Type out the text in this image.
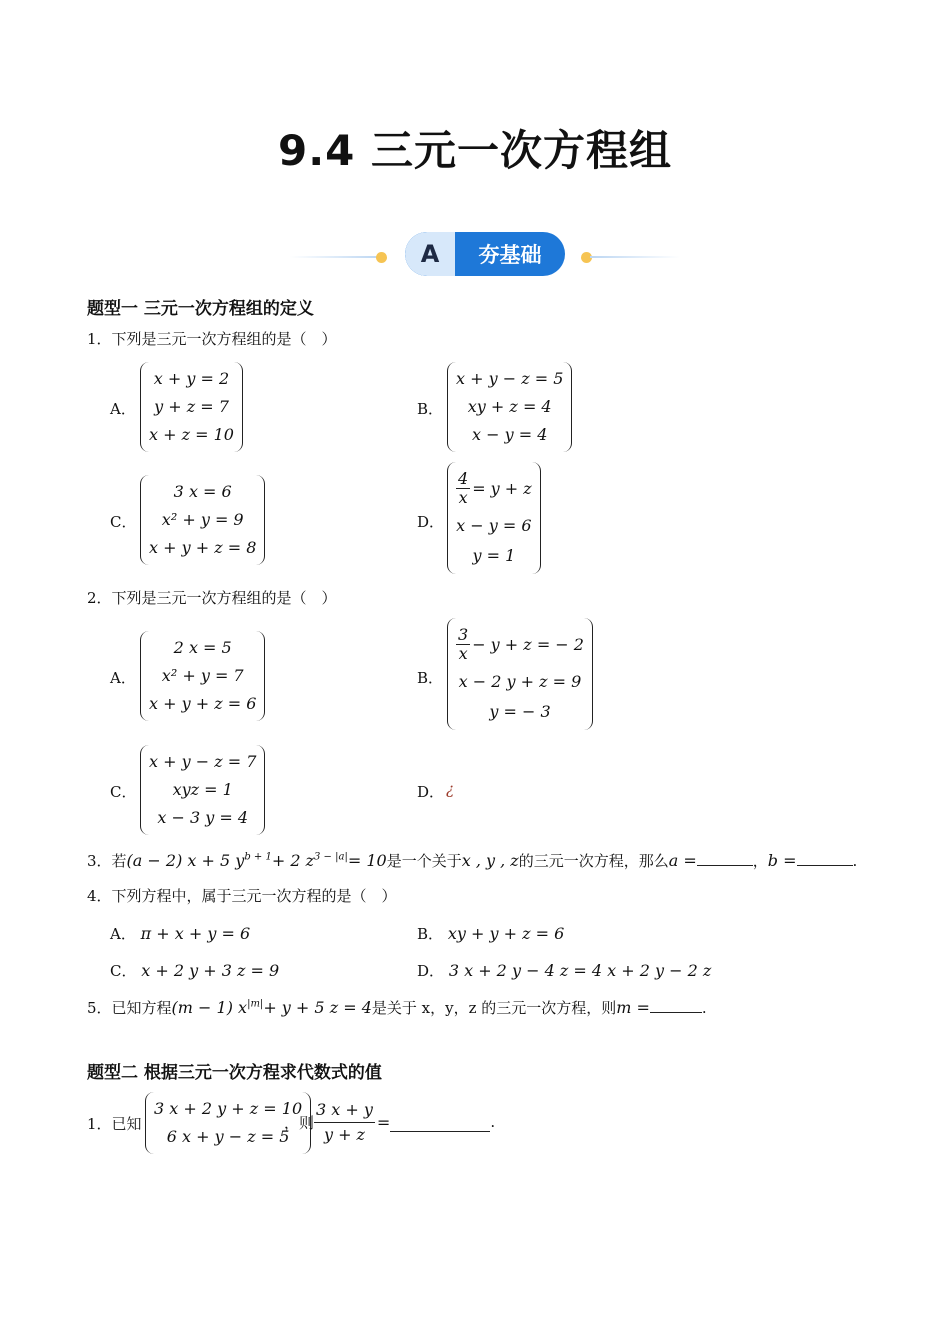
9.4 三元一次方程组
A	夯基础
题型一 三元一次方程组的定义
1．下列是三元一次方程组的是（　）
A．
x + y = 2
y + z = 7
x + z = 10
B．
x + y − z = 5
xy + z = 4
x − y = 4
C．
3 x = 6
x² + y = 9
x + y + z = 8
D．
$\frac{4}{x} = y + z$
x − y = 6
y = 1
2．下列是三元一次方程组的是（　）
A．
2 x = 5
x² + y = 7
x + y + z = 6
B．
$\frac{3}{x} - y + z$ = − 2
x − 2 y + z = 9
y = − 3
C．
x + y − z = 7
xyz = 1
x − 3 y = 4
D． ¿
3．若(a − 2) x + 5 $y^{b + 1}+ 2$ $z^{3 - |a|}= 10$是一个关于x , y , z的三元一次方程，那么a =	，b =	.
4．下列方程中，属于三元一次方程的是（　）
A． π + x + y = 6	B． xy + y + z = 6
C． x + 2 y + 3 z = 9	D． 3 x + 2 y − 4 z = 4 x + 2 y − 2 z
5．已知方程(m − 1) $x^{|m|}+ y + 5$ z = 4是关于 x，y，z 的三元一次方程，则m =	.
题型二 根据三元一次方程求代数式的值
1．已知
3 x + 2 y + z = 10
6 x + y − z = 5
，则 $\frac{3 x + y}{y + z}$ =	.
